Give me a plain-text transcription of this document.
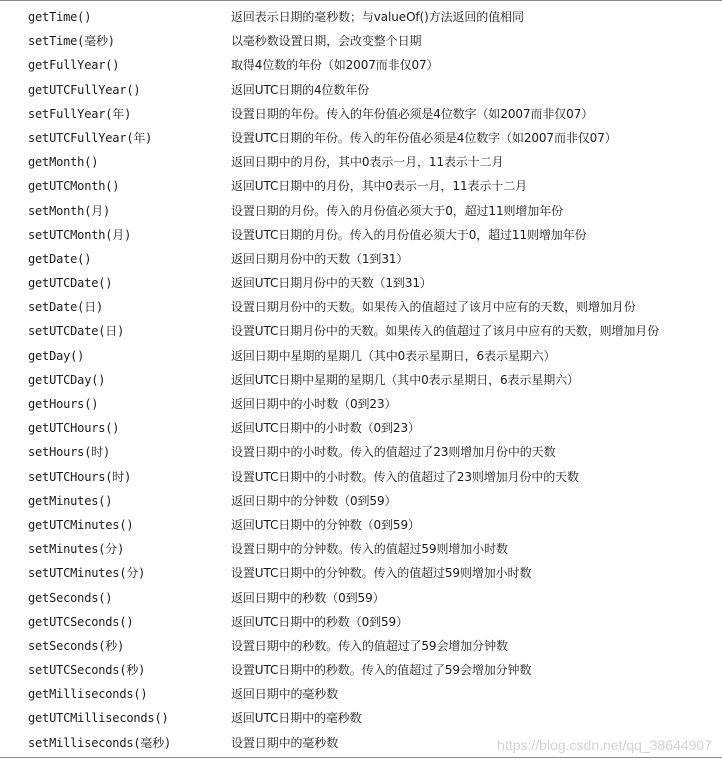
getTime()	返回表示日期的毫秒数；与valueOf()方法返回的值相同
setTime(毫秒)	以毫秒数设置日期，会改变整个日期
getFullYear()	取得4位数的年份（如2007而非仅07）
getUTCFullYear()	返回UTC日期的4位数年份
setFullYear(年)	设置日期的年份。传入的年份值必须是4位数字（如2007而非仅07）
setUTCFullYear(年)	设置UTC日期的年份。传入的年份值必须是4位数字（如2007而非仅07）
getMonth()	返回日期中的月份，其中0表示一月，11表示十二月
getUTCMonth()	返回UTC日期中的月份，其中0表示一月，11表示十二月
setMonth(月)	设置日期的月份。传入的月份值必须大于0，超过11则增加年份
setUTCMonth(月)	设置UTC日期的月份。传入的月份值必须大于0，超过11则增加年份
getDate()	返回日期月份中的天数（1到31）
getUTCDate()	返回UTC日期月份中的天数（1到31）
setDate(日)	设置日期月份中的天数。如果传入的值超过了该月中应有的天数，则增加月份
setUTCDate(日)	设置UTC日期月份中的天数。如果传入的值超过了该月中应有的天数，则增加月份
getDay()	返回日期中星期的星期几（其中0表示星期日，6表示星期六）
getUTCDay()	返回UTC日期中星期的星期几（其中0表示星期日，6表示星期六）
getHours()	返回日期中的小时数（0到23）
getUTCHours()	返回UTC日期中的小时数（0到23）
setHours(时)	设置日期中的小时数。传入的值超过了23则增加月份中的天数
setUTCHours(时)	设置UTC日期中的小时数。传入的值超过了23则增加月份中的天数
getMinutes()	返回日期中的分钟数（0到59）
getUTCMinutes()	返回UTC日期中的分钟数（0到59）
setMinutes(分)	设置日期中的分钟数。传入的值超过59则增加小时数
setUTCMinutes(分)	设置UTC日期中的分钟数。传入的值超过59则增加小时数
getSeconds()	返回日期中的秒数（0到59）
getUTCSeconds()	返回UTC日期中的秒数（0到59）
setSeconds(秒)	设置日期中的秒数。传入的值超过了59会增加分钟数
setUTCSeconds(秒)	设置UTC日期中的秒数。传入的值超过了59会增加分钟数
getMilliseconds()	返回日期中的毫秒数
getUTCMilliseconds()	返回UTC日期中的毫秒数
setMilliseconds(毫秒)	设置日期中的毫秒数	https://blog.csdn.net/qq_38644907
